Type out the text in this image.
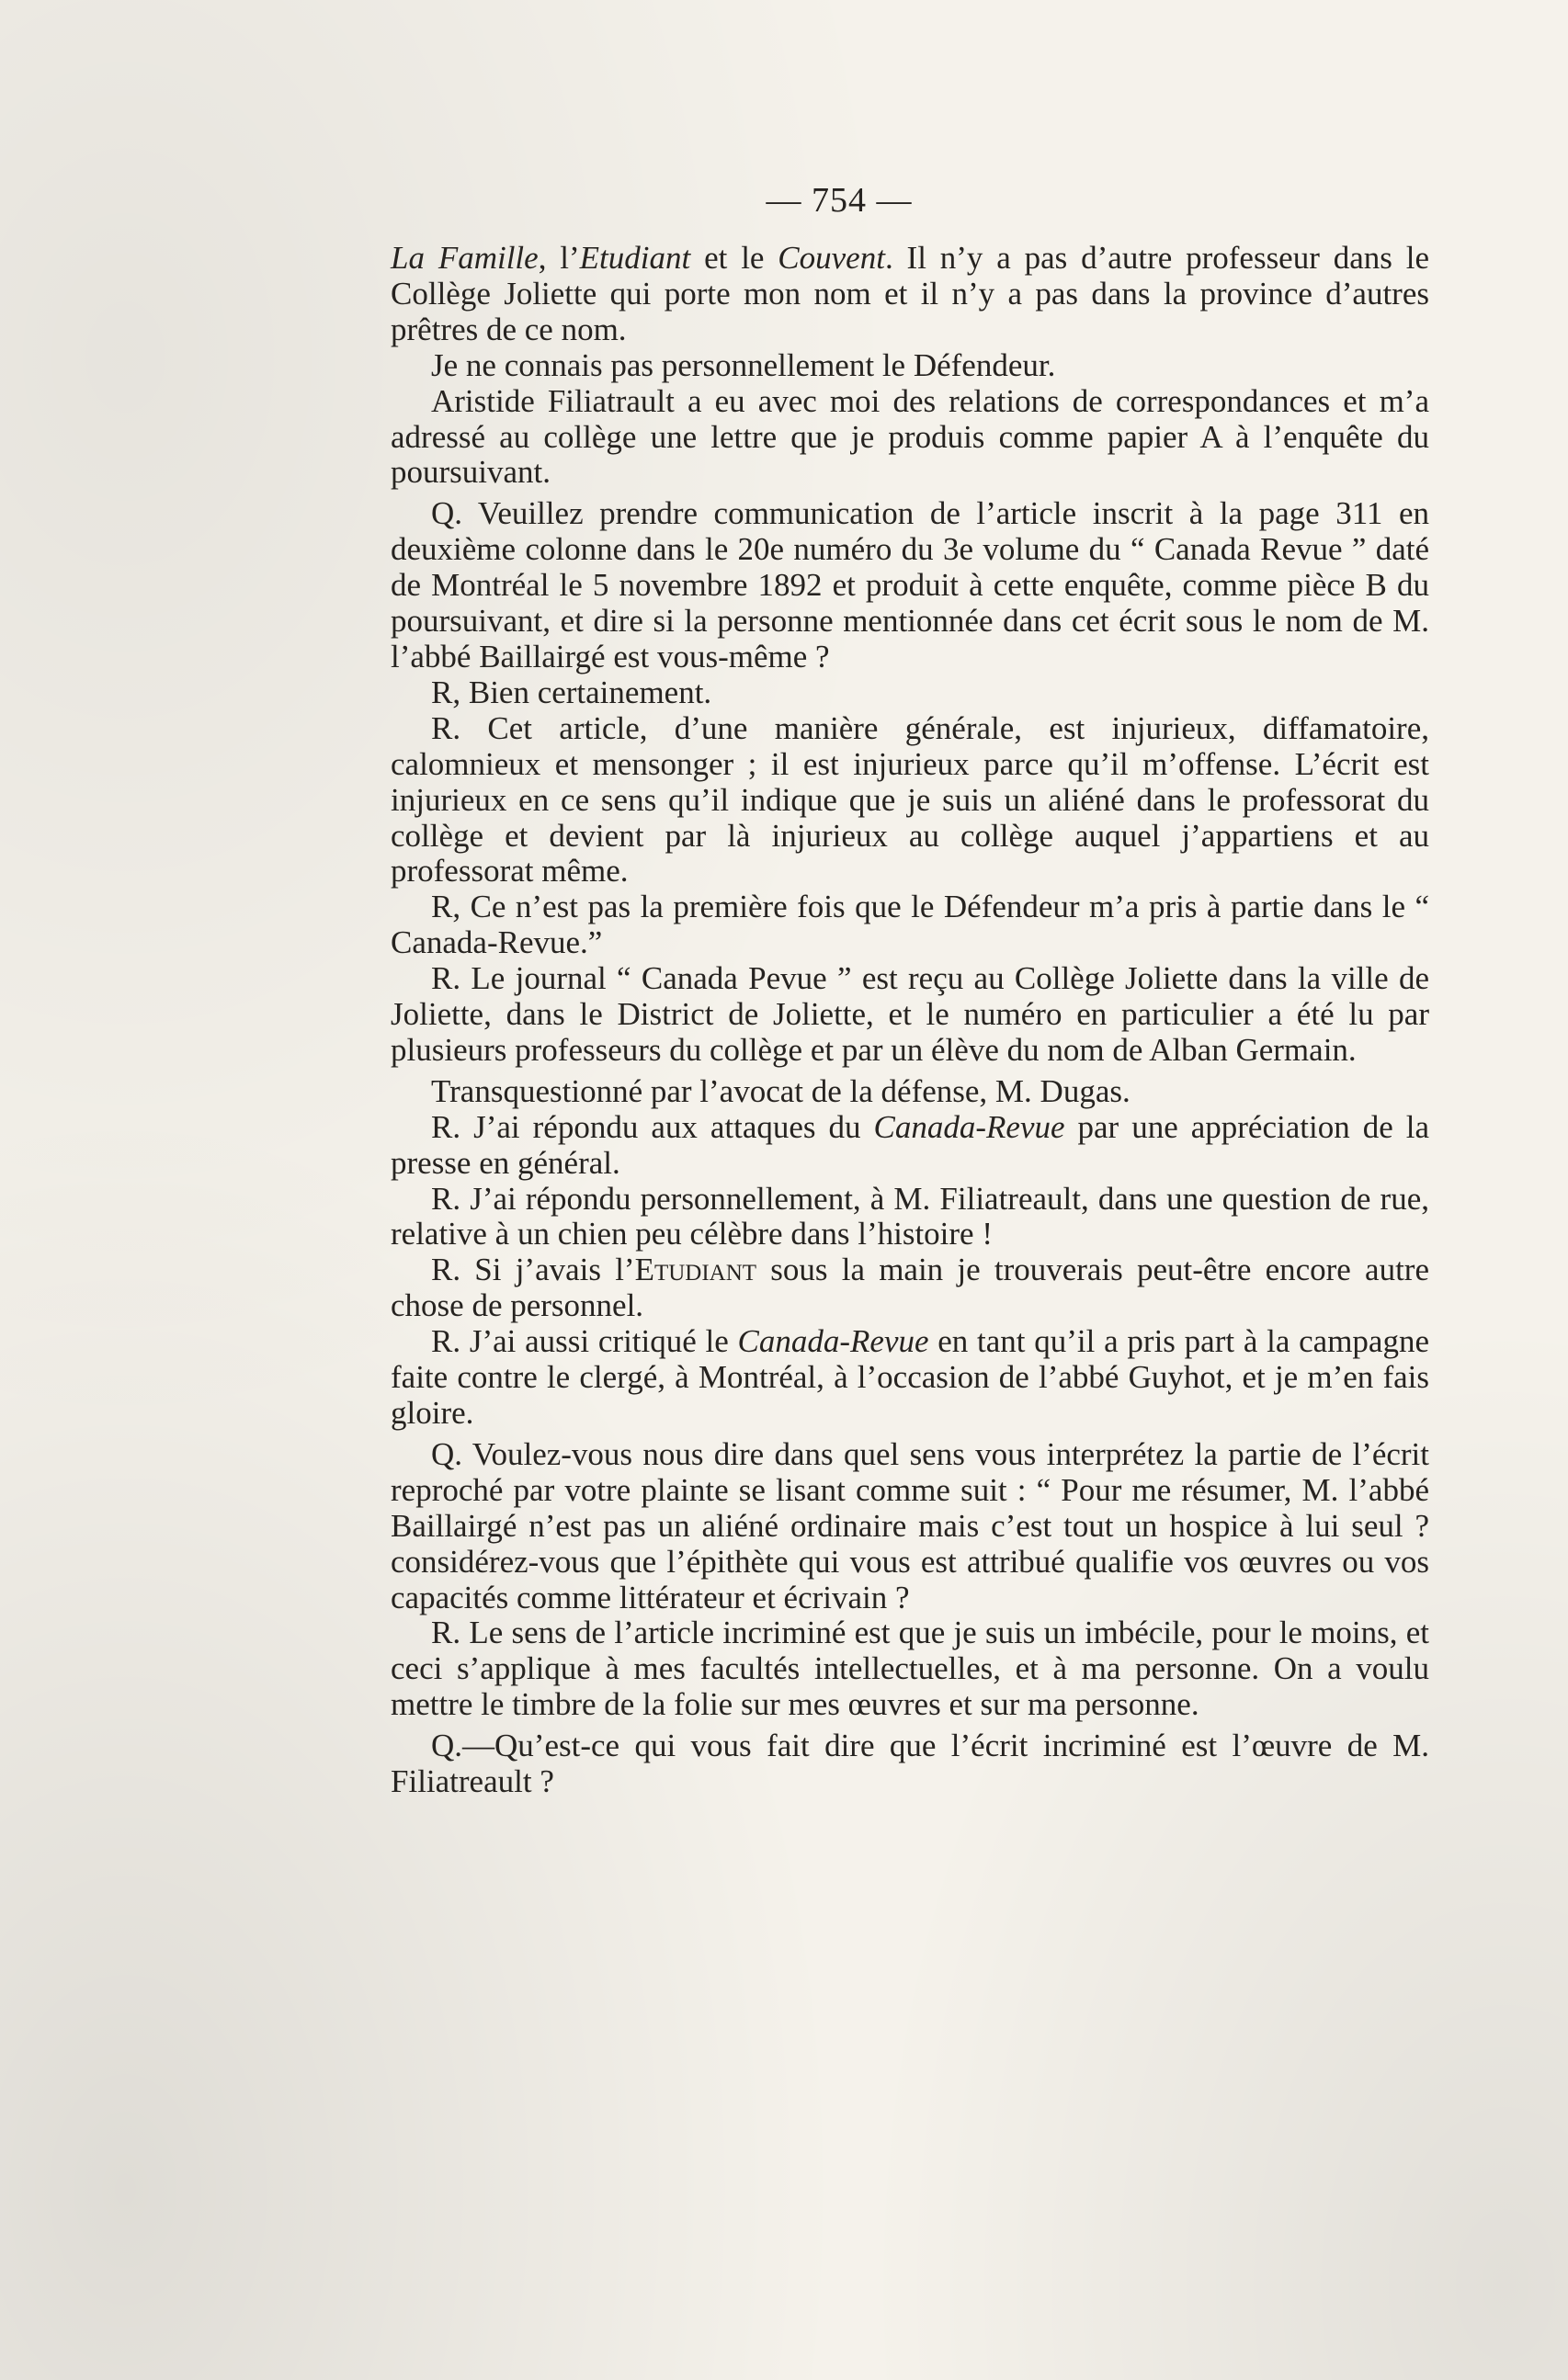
— 754 —

La Famille, l’Etudiant et le Couvent. Il n’y a pas d’autre professeur dans le Collège Joliette qui porte mon nom et il n’y a pas dans la province d’autres prêtres de ce nom.

Je ne connais pas personnellement le Défendeur.

Aristide Filiatrault a eu avec moi des relations de correspondances et m’a adressé au collège une lettre que je produis comme papier A à l’enquête du poursuivant.

Q. Veuillez prendre communication de l’article inscrit à la page 311 en deuxième colonne dans le 20e numéro du 3e volume du “ Canada Revue ” daté de Montréal le 5 novembre 1892 et produit à cette enquête, comme pièce B du poursuivant, et dire si la personne mentionnée dans cet écrit sous le nom de M. l’abbé Baillairgé est vous-même ?

R, Bien certainement.

R. Cet article, d’une manière générale, est injurieux, diffamatoire, calomnieux et mensonger ; il est injurieux parce qu’il m’offense. L’écrit est injurieux en ce sens qu’il indique que je suis un aliéné dans le professorat du collège et devient par là injurieux au collège auquel j’appartiens et au professorat même.

R, Ce n’est pas la première fois que le Défendeur m’a pris à partie dans le “ Canada-Revue.”

R. Le journal “ Canada Pevue ” est reçu au Collège Joliette dans la ville de Joliette, dans le District de Joliette, et le numéro en particulier a été lu par plusieurs professeurs du collège et par un élève du nom de Alban Germain.

Transquestionné par l’avocat de la défense, M. Dugas.

R. J’ai répondu aux attaques du Canada-Revue par une appréciation de la presse en général.

R. J’ai répondu personnellement, à M. Filiatreault, dans une question de rue, relative à un chien peu célèbre dans l’histoire !

R. Si j’avais l’Etudiant sous la main je trouverais peut-être encore autre chose de personnel.

R. J’ai aussi critiqué le Canada-Revue en tant qu’il a pris part à la campagne faite contre le clergé, à Montréal, à l’occasion de l’abbé Guyhot, et je m’en fais gloire.

Q. Voulez-vous nous dire dans quel sens vous interprétez la partie de l’écrit reproché par votre plainte se lisant comme suit : “ Pour me résumer, M. l’abbé Baillairgé n’est pas un aliéné ordinaire mais c’est tout un hospice à lui seul ? considérez-vous que l’épithète qui vous est attribué qualifie vos œuvres ou vos capacités comme littérateur et écrivain ?

R. Le sens de l’article incriminé est que je suis un imbécile, pour le moins, et ceci s’applique à mes facultés intellectuelles, et à ma personne. On a voulu mettre le timbre de la folie sur mes œuvres et sur ma personne.

Q.—Qu’est-ce qui vous fait dire que l’écrit incriminé est l’œuvre de M. Filiatreault ?
